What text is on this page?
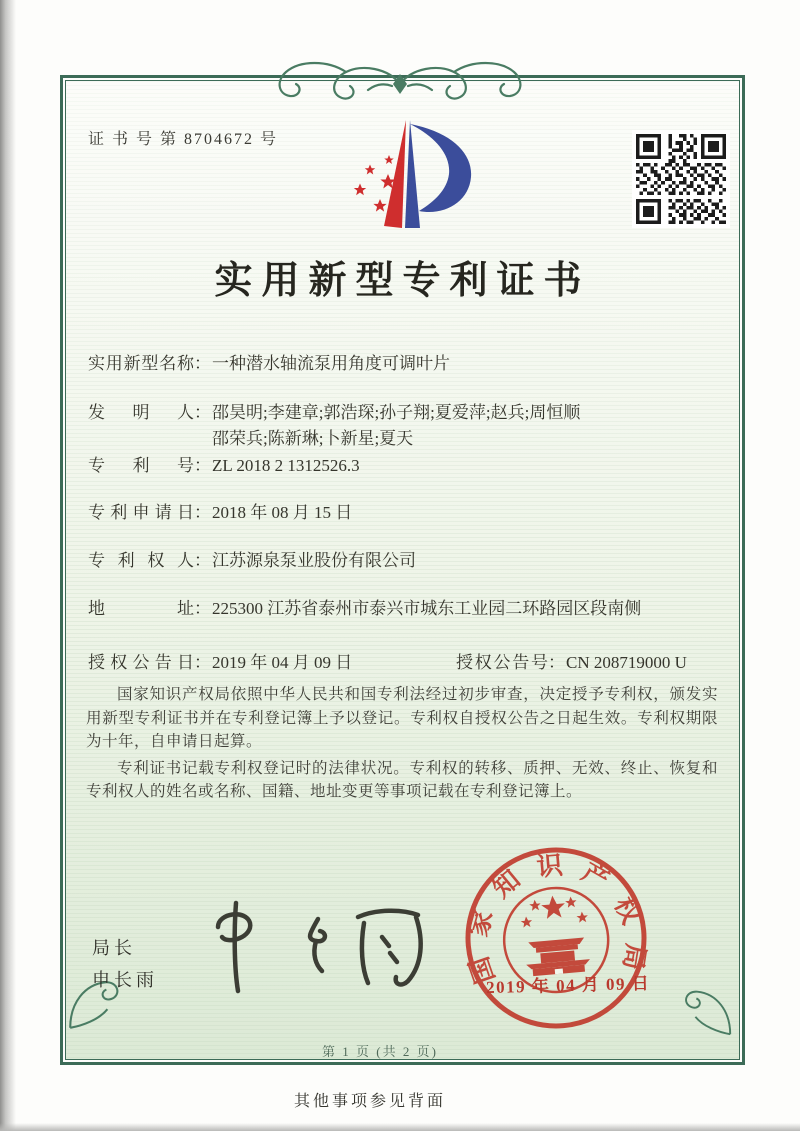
证 书 号 第 8704672 号
实用新型专利证书
实用新型名称 ： 一种潜水轴流泵用角度可调叶片
发明人 ： 邵昊明;李建章;郭浩琛;孙子翔;夏爱萍;赵兵;周恒顺
邵荣兵;陈新琳;卜新星;夏天
专利号 ： ZL 2018 2 1312526.3
专利申请日 ： 2018 年 08 月 15 日
专利权人 ： 江苏源泉泵业股份有限公司
地址 ： 225300 江苏省泰州市泰兴市城东工业园二环路园区段南侧
授权公告日 ： 2019 年 04 月 09 日	授权公告号 ： CN 208719000 U

国家知识产权局依照中华人民共和国专利法经过初步审查，决定授予专利权，颁发实用新型专利证书并在专利登记簿上予以登记。专利权自授权公告之日起生效。专利权期限为十年，自申请日起算。

专利证书记载专利权登记时的法律状况。专利权的转移、质押、无效、终止、恢复和专利权人的姓名或名称、国籍、地址变更等事项记载在专利登记簿上。

局长
申长雨	国家知识产权局
2019 年 04 月 09 日
第 1 页 (共 2 页)
其他事项参见背面
